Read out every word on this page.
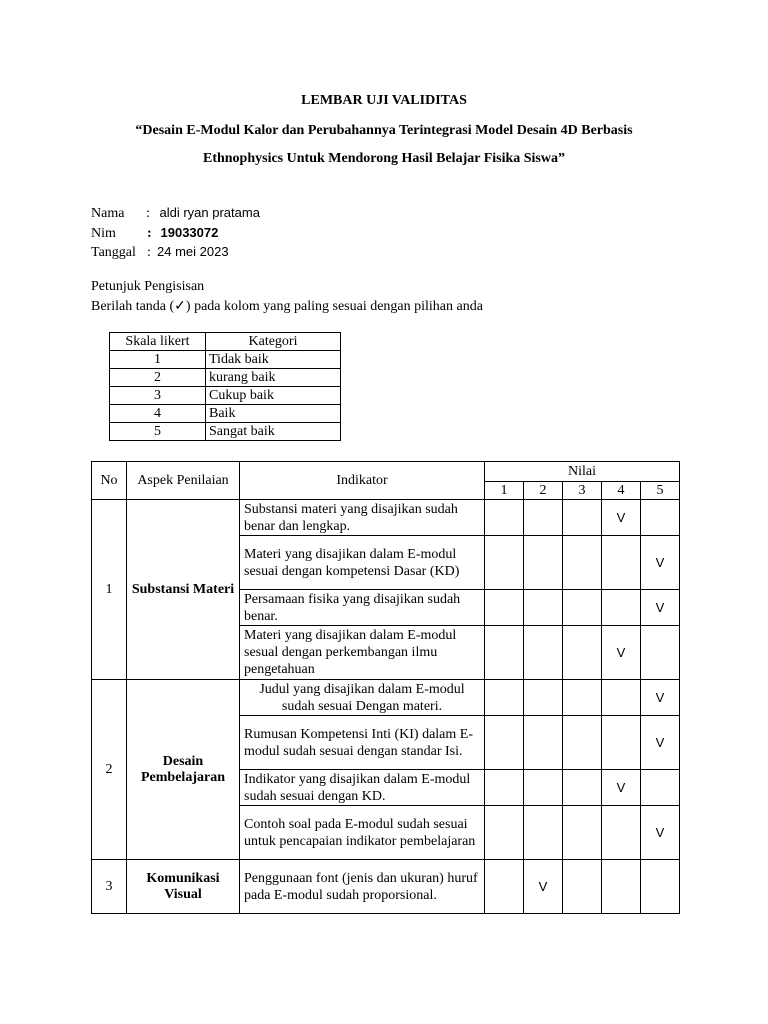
LEMBAR UJI VALIDITAS
“Desain E-Modul Kalor dan Perubahannya Terintegrasi Model Desain 4D Berbasis
Ethnophysics Untuk Mendorong Hasil Belajar Fisika Siswa”
Nama : aldi ryan pratama
Nim : 19033072
Tanggal : 24 mei 2023
Petunjuk Pengisisan
Berilah tanda (✓) pada kolom yang paling sesuai dengan pilihan anda
Skala likert	Kategori
1	Tidak baik
2	kurang baik
3	Cukup baik
4	Baik
5	Sangat baik
No	Aspek Penilaian	Indikator	Nilai				
			1	2	3	4	5
1	Substansi Materi	Substansi materi yang disajikan sudah benar dan lengkap.				V	
		Materi yang disajikan dalam E-modul sesuai dengan kompetensi Dasar (KD)					V
		Persamaan fisika yang disajikan sudah benar.					V
		Materi yang disajikan dalam E-modul sesual dengan perkembangan ilmu pengetahuan				V	
2	Desain Pembelajaran	Judul yang disajikan dalam E-modul sudah sesuai Dengan materi.					V
		Rumusan Kompetensi Inti (KI) dalam E-modul sudah sesuai dengan standar Isi.					V
		Indikator yang disajikan dalam E-modul sudah sesuai dengan KD.				V	
		Contoh soal pada E-modul sudah sesuai untuk pencapaian indikator pembelajaran					V
3	Komunikasi Visual	Penggunaan font (jenis dan ukuran) huruf pada E-modul sudah proporsional.		V			
